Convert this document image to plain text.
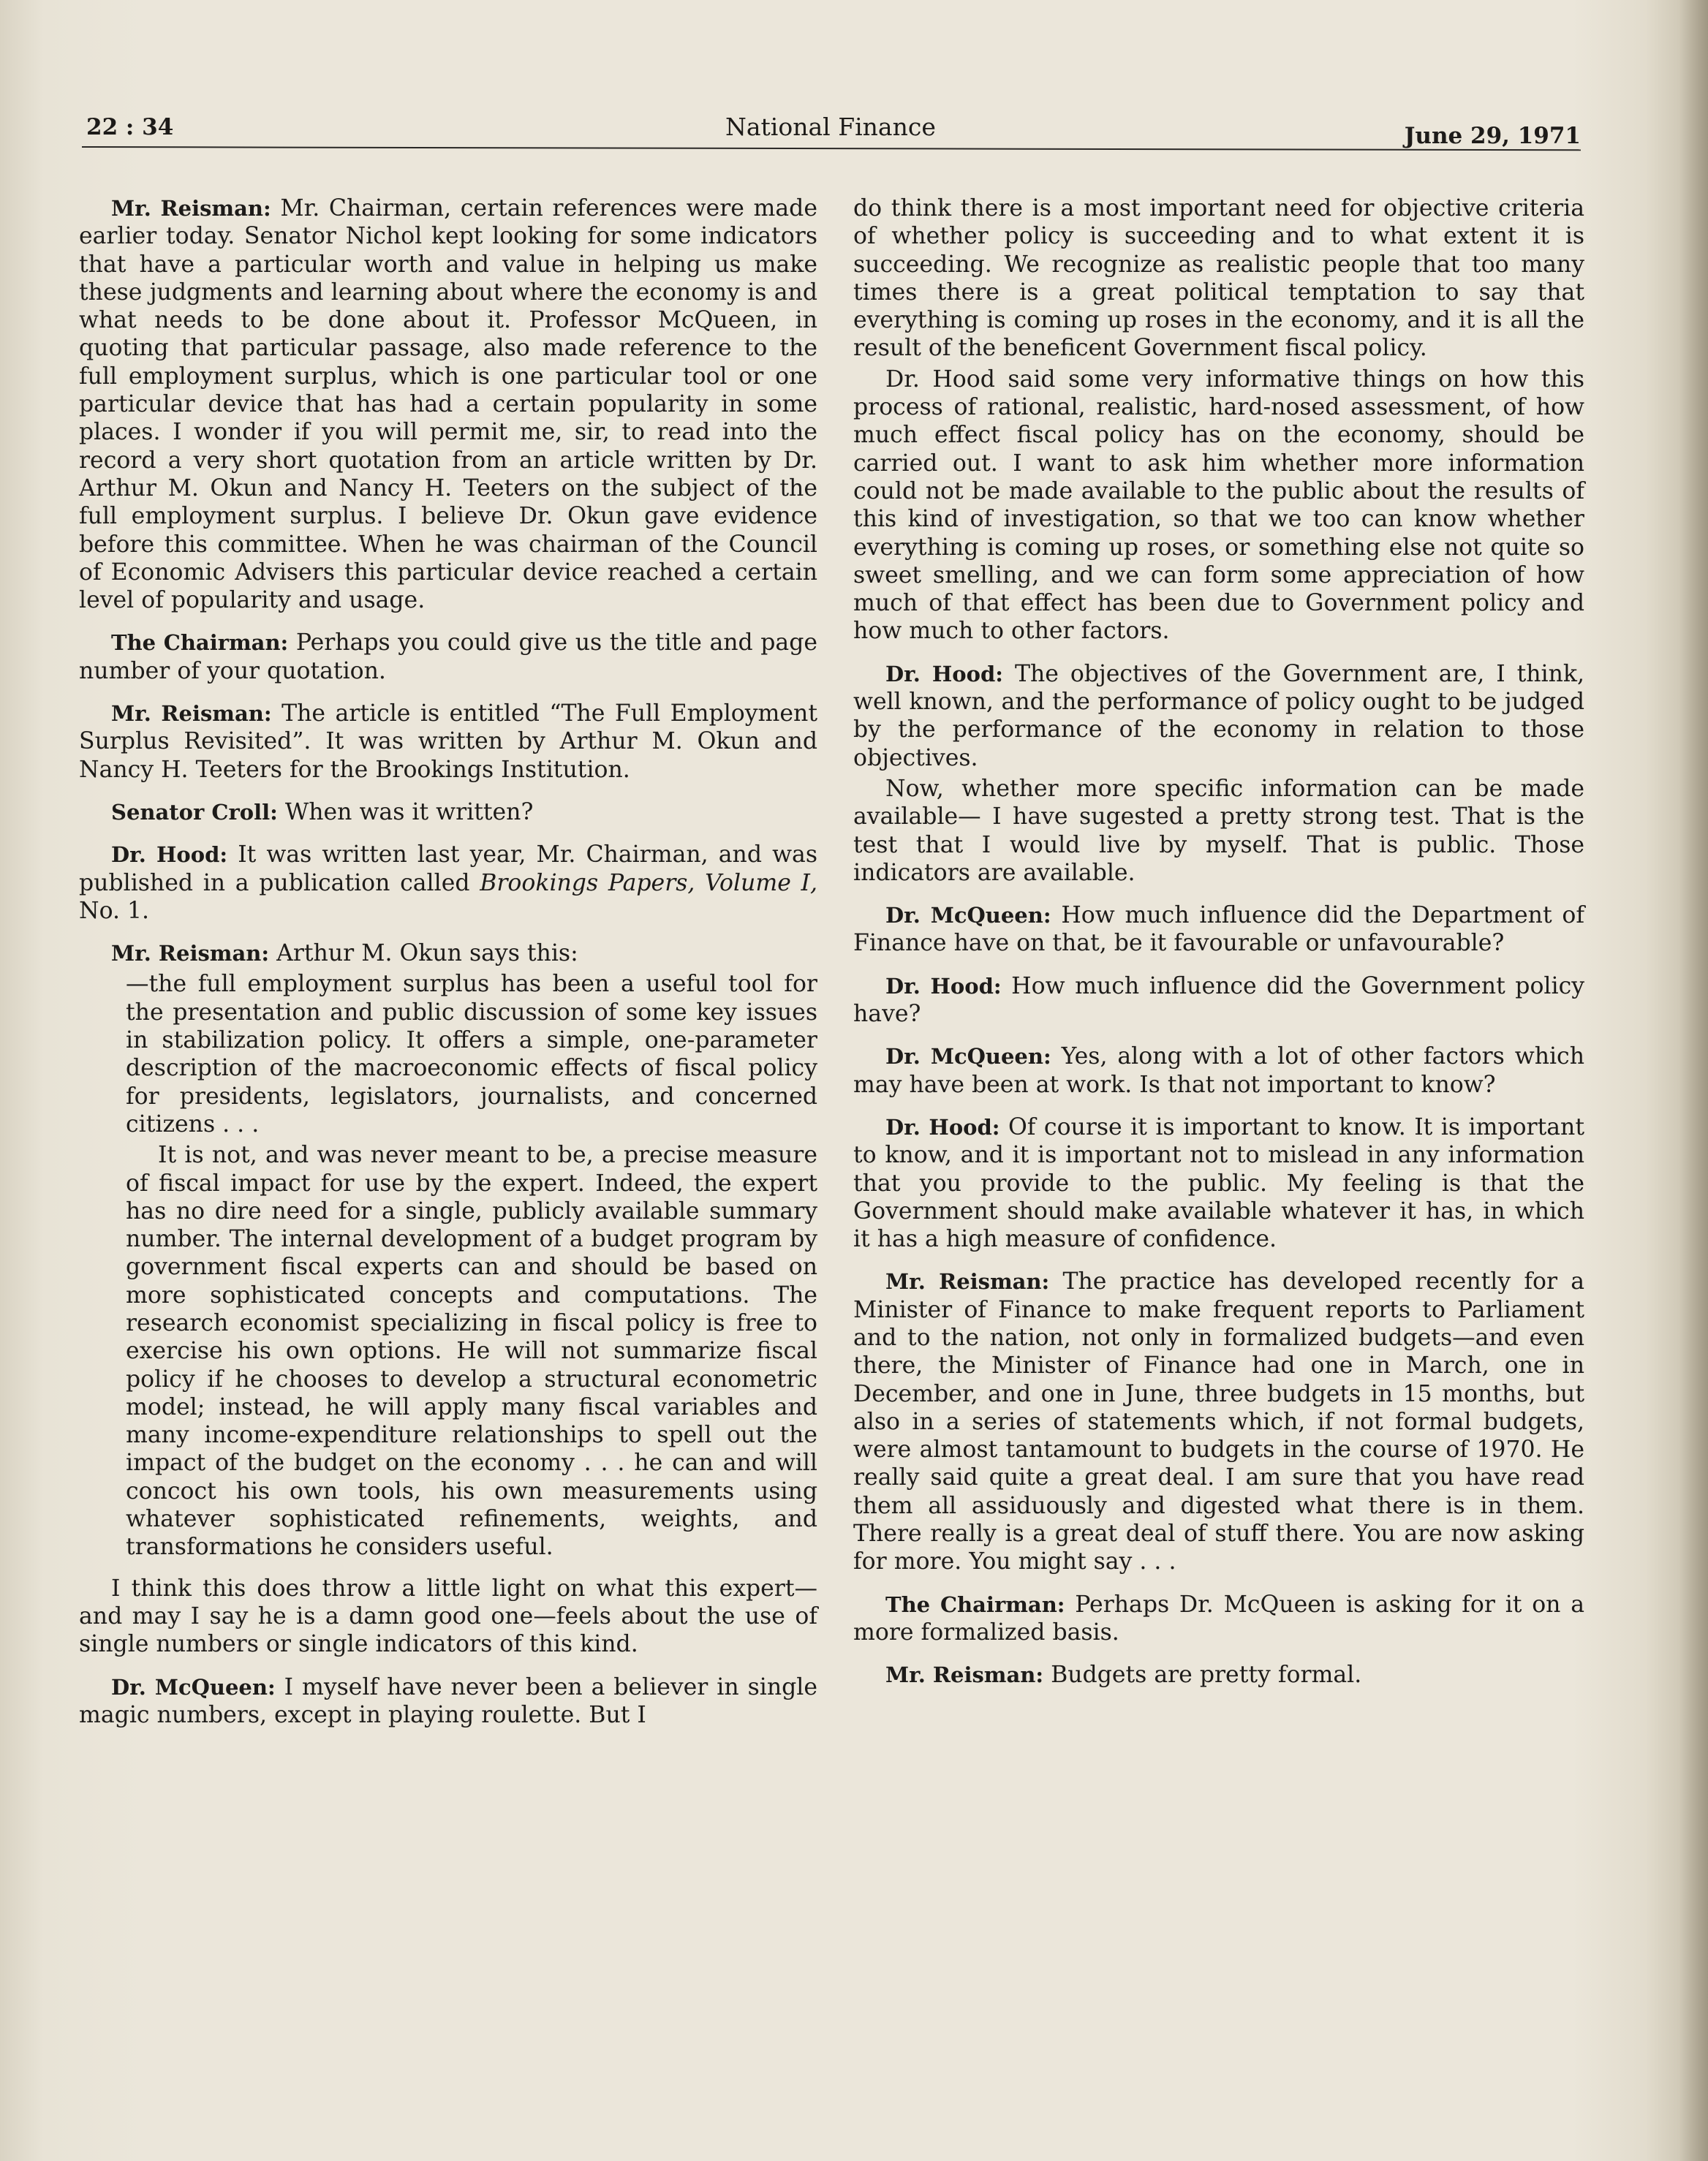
22 : 34	National Finance	June 29, 1971

Mr. Reisman: Mr. Chairman, certain references were made earlier today. Senator Nichol kept looking for some indicators that have a particular worth and value in helping us make these judgments and learning about where the economy is and what needs to be done about it. Professor McQueen, in quoting that particular passage, also made reference to the full employment surplus, which is one particular tool or one particular device that has had a certain popularity in some places. I wonder if you will permit me, sir, to read into the record a very short quotation from an article written by Dr. Arthur M. Okun and Nancy H. Teeters on the subject of the full employment surplus. I believe Dr. Okun gave evidence before this committee. When he was chairman of the Council of Economic Advisers this particular device reached a certain level of popularity and usage.

The Chairman: Perhaps you could give us the title and page number of your quotation.

Mr. Reisman: The article is entitled “The Full Employment Surplus Revisited”. It was written by Arthur M. Okun and Nancy H. Teeters for the Brookings Institution.

Senator Croll: When was it written?

Dr. Hood: It was written last year, Mr. Chairman, and was published in a publication called Brookings Papers, Volume I, No. 1.

Mr. Reisman: Arthur M. Okun says this:

—the full employment surplus has been a useful tool for the presentation and public discussion of some key issues in stabilization policy. It offers a simple, one-parameter description of the macroeconomic effects of fiscal policy for presidents, legislators, journalists, and concerned citizens . . .

It is not, and was never meant to be, a precise measure of fiscal impact for use by the expert. Indeed, the expert has no dire need for a single, publicly available summary number. The internal development of a budget program by government fiscal experts can and should be based on more sophisticated concepts and computations. The research economist specializing in fiscal policy is free to exercise his own options. He will not summarize fiscal policy if he chooses to develop a structural econometric model; instead, he will apply many fiscal variables and many income-expenditure relationships to spell out the impact of the budget on the economy . . . he can and will concoct his own tools, his own measurements using whatever sophisticated refinements, weights, and transformations he considers useful.

I think this does throw a little light on what this expert—and may I say he is a damn good one—feels about the use of single numbers or single indicators of this kind.

Dr. McQueen: I myself have never been a believer in single magic numbers, except in playing roulette. But I

do think there is a most important need for objective criteria of whether policy is succeeding and to what extent it is succeeding. We recognize as realistic people that too many times there is a great political temptation to say that everything is coming up roses in the economy, and it is all the result of the beneficent Government fiscal policy.

Dr. Hood said some very informative things on how this process of rational, realistic, hard-nosed assessment, of how much effect fiscal policy has on the economy, should be carried out. I want to ask him whether more information could not be made available to the public about the results of this kind of investigation, so that we too can know whether everything is coming up roses, or something else not quite so sweet smelling, and we can form some appreciation of how much of that effect has been due to Government policy and how much to other factors.

Dr. Hood: The objectives of the Government are, I think, well known, and the performance of policy ought to be judged by the performance of the economy in relation to those objectives.

Now, whether more specific information can be made available— I have sugested a pretty strong test. That is the test that I would live by myself. That is public. Those indicators are available.

Dr. McQueen: How much influence did the Department of Finance have on that, be it favourable or unfavourable?

Dr. Hood: How much influence did the Government policy have?

Dr. McQueen: Yes, along with a lot of other factors which may have been at work. Is that not important to know?

Dr. Hood: Of course it is important to know. It is important to know, and it is important not to mislead in any information that you provide to the public. My feeling is that the Government should make available whatever it has, in which it has a high measure of confidence.

Mr. Reisman: The practice has developed recently for a Minister of Finance to make frequent reports to Parliament and to the nation, not only in formalized budgets—and even there, the Minister of Finance had one in March, one in December, and one in June, three budgets in 15 months, but also in a series of statements which, if not formal budgets, were almost tantamount to budgets in the course of 1970. He really said quite a great deal. I am sure that you have read them all assiduously and digested what there is in them. There really is a great deal of stuff there. You are now asking for more. You might say . . .

The Chairman: Perhaps Dr. McQueen is asking for it on a more formalized basis.

Mr. Reisman: Budgets are pretty formal.
